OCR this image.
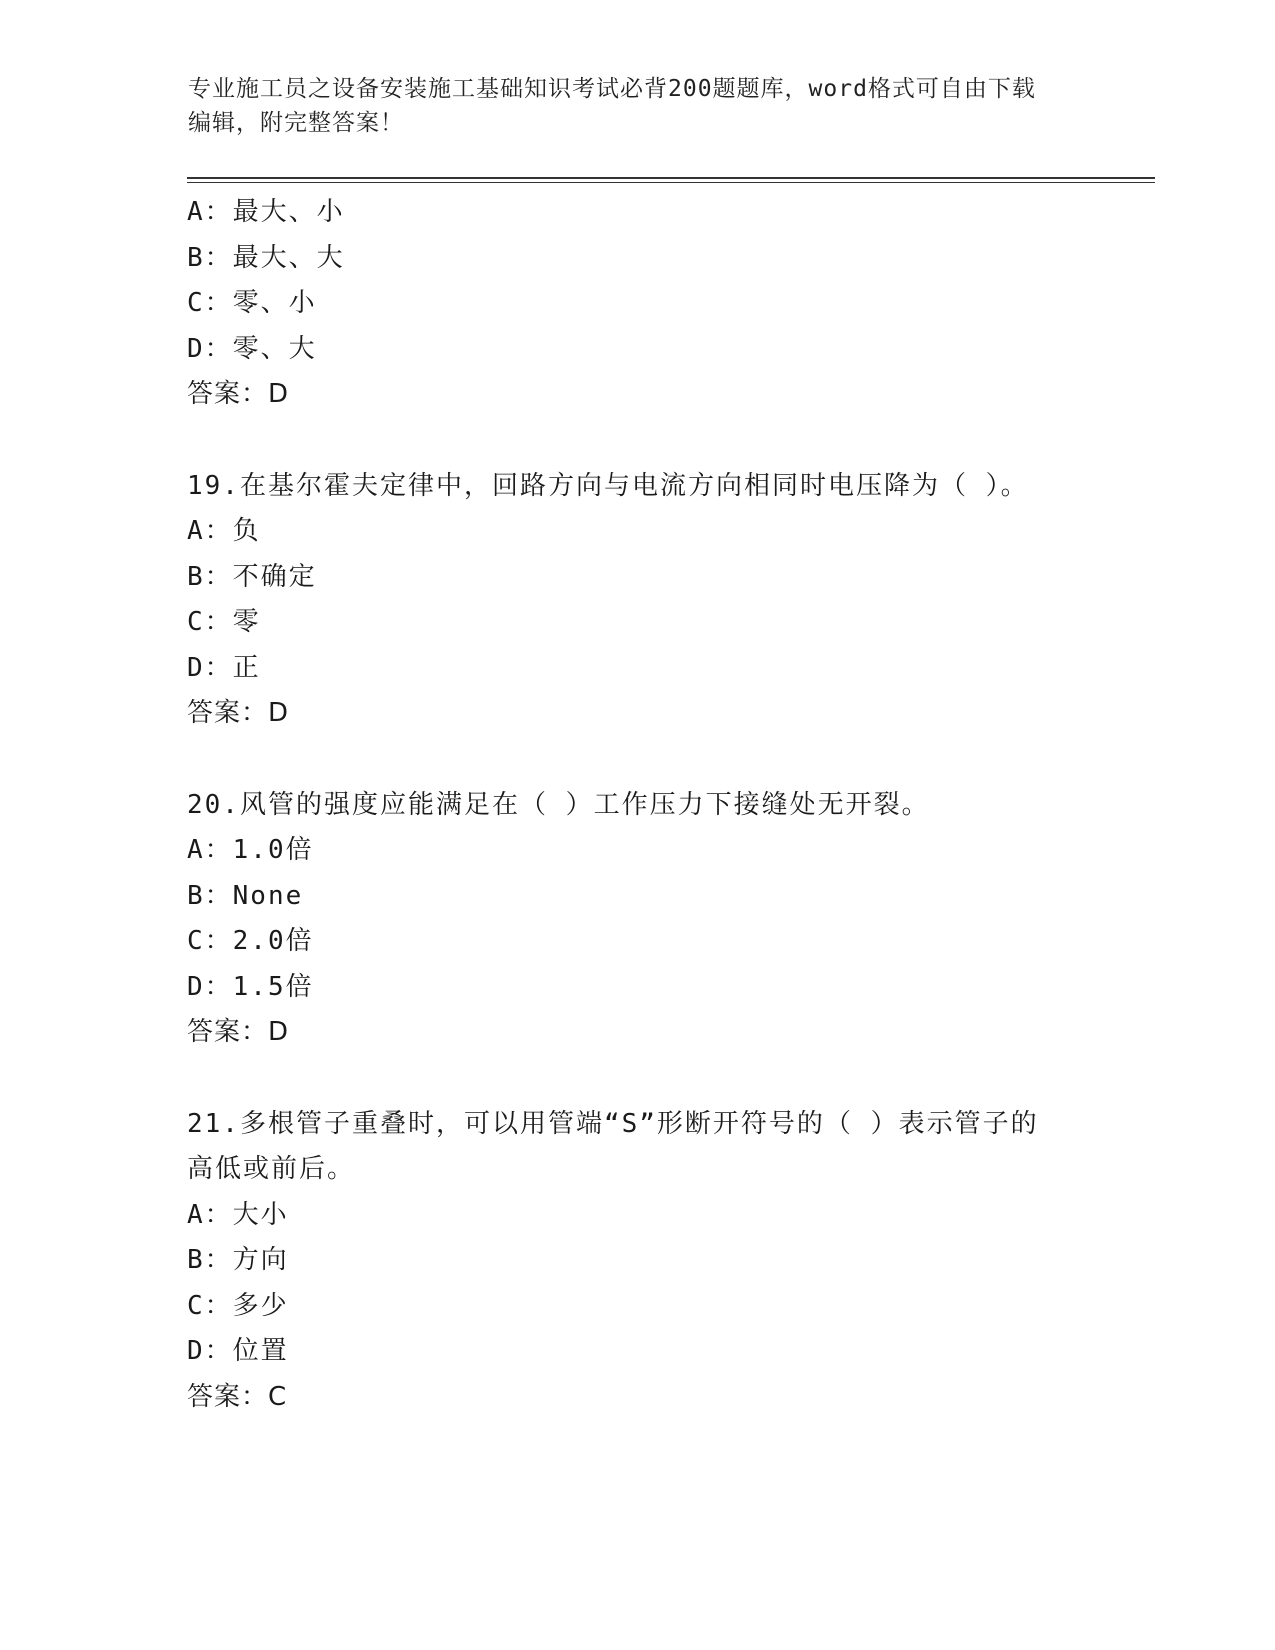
专业施工员之设备安装施工基础知识考试必背200题题库，word格式可自由下载
编辑，附完整答案！
A：最大、小
B：最大、大
C：零、小
D：零、大
答案：D
19.在基尔霍夫定律中，回路方向与电流方向相同时电压降为（ ）。
A：负
B：不确定
C：零
D：正
答案：D
20.风管的强度应能满足在（ ）工作压力下接缝处无开裂。
A：1.0倍
B：None
C：2.0倍
D：1.5倍
答案：D
21.多根管子重叠时，可以用管端“S”形断开符号的（ ）表示管子的
高低或前后。
A：大小
B：方向
C：多少
D：位置
答案：C
